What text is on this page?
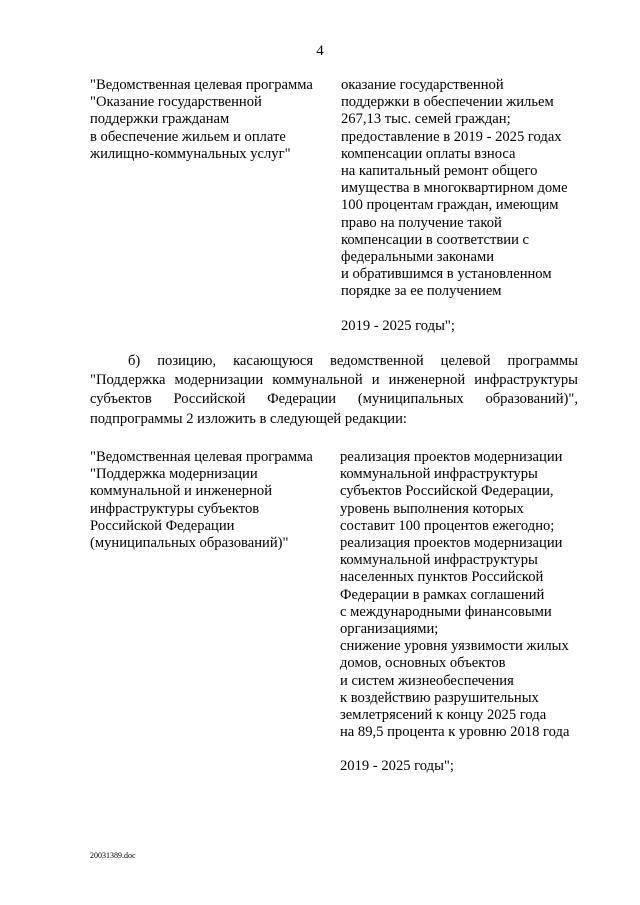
4
"Ведомственная целевая программа
"Оказание государственной
поддержки гражданам
в обеспечение жильем и оплате
жилищно-коммунальных услуг"
оказание государственной
поддержки в обеспечении жильем
267,13 тыс. семей граждан;
предоставление в 2019 - 2025 годах
компенсации оплаты взноса
на капитальный ремонт общего
имущества в многоквартирном доме
100 процентам граждан, имеющим
право на получение такой
компенсации в соответствии с
федеральными законами
и обратившимся в установленном
порядке за ее получением
2019 - 2025 годы";
б) позицию, касающуюся ведомственной целевой программы
"Поддержка модернизации коммунальной и инженерной инфраструктуры
субъектов Российской Федерации (муниципальных образований)",
подпрограммы 2 изложить в следующей редакции:
"Ведомственная целевая программа
"Поддержка модернизации
коммунальной и инженерной
инфраструктуры субъектов
Российской Федерации
(муниципальных образований)"
реализация проектов модернизации
коммунальной инфраструктуры
субъектов Российской Федерации,
уровень выполнения которых
составит 100 процентов ежегодно;
реализация проектов модернизации
коммунальной инфраструктуры
населенных пунктов Российской
Федерации в рамках соглашений
с международными финансовыми
организациями;
снижение уровня уязвимости жилых
домов, основных объектов
и систем жизнеобеспечения
к воздействию разрушительных
землетрясений к концу 2025 года
на 89,5 процента к уровню 2018 года
2019 - 2025 годы";
20031389.doc
